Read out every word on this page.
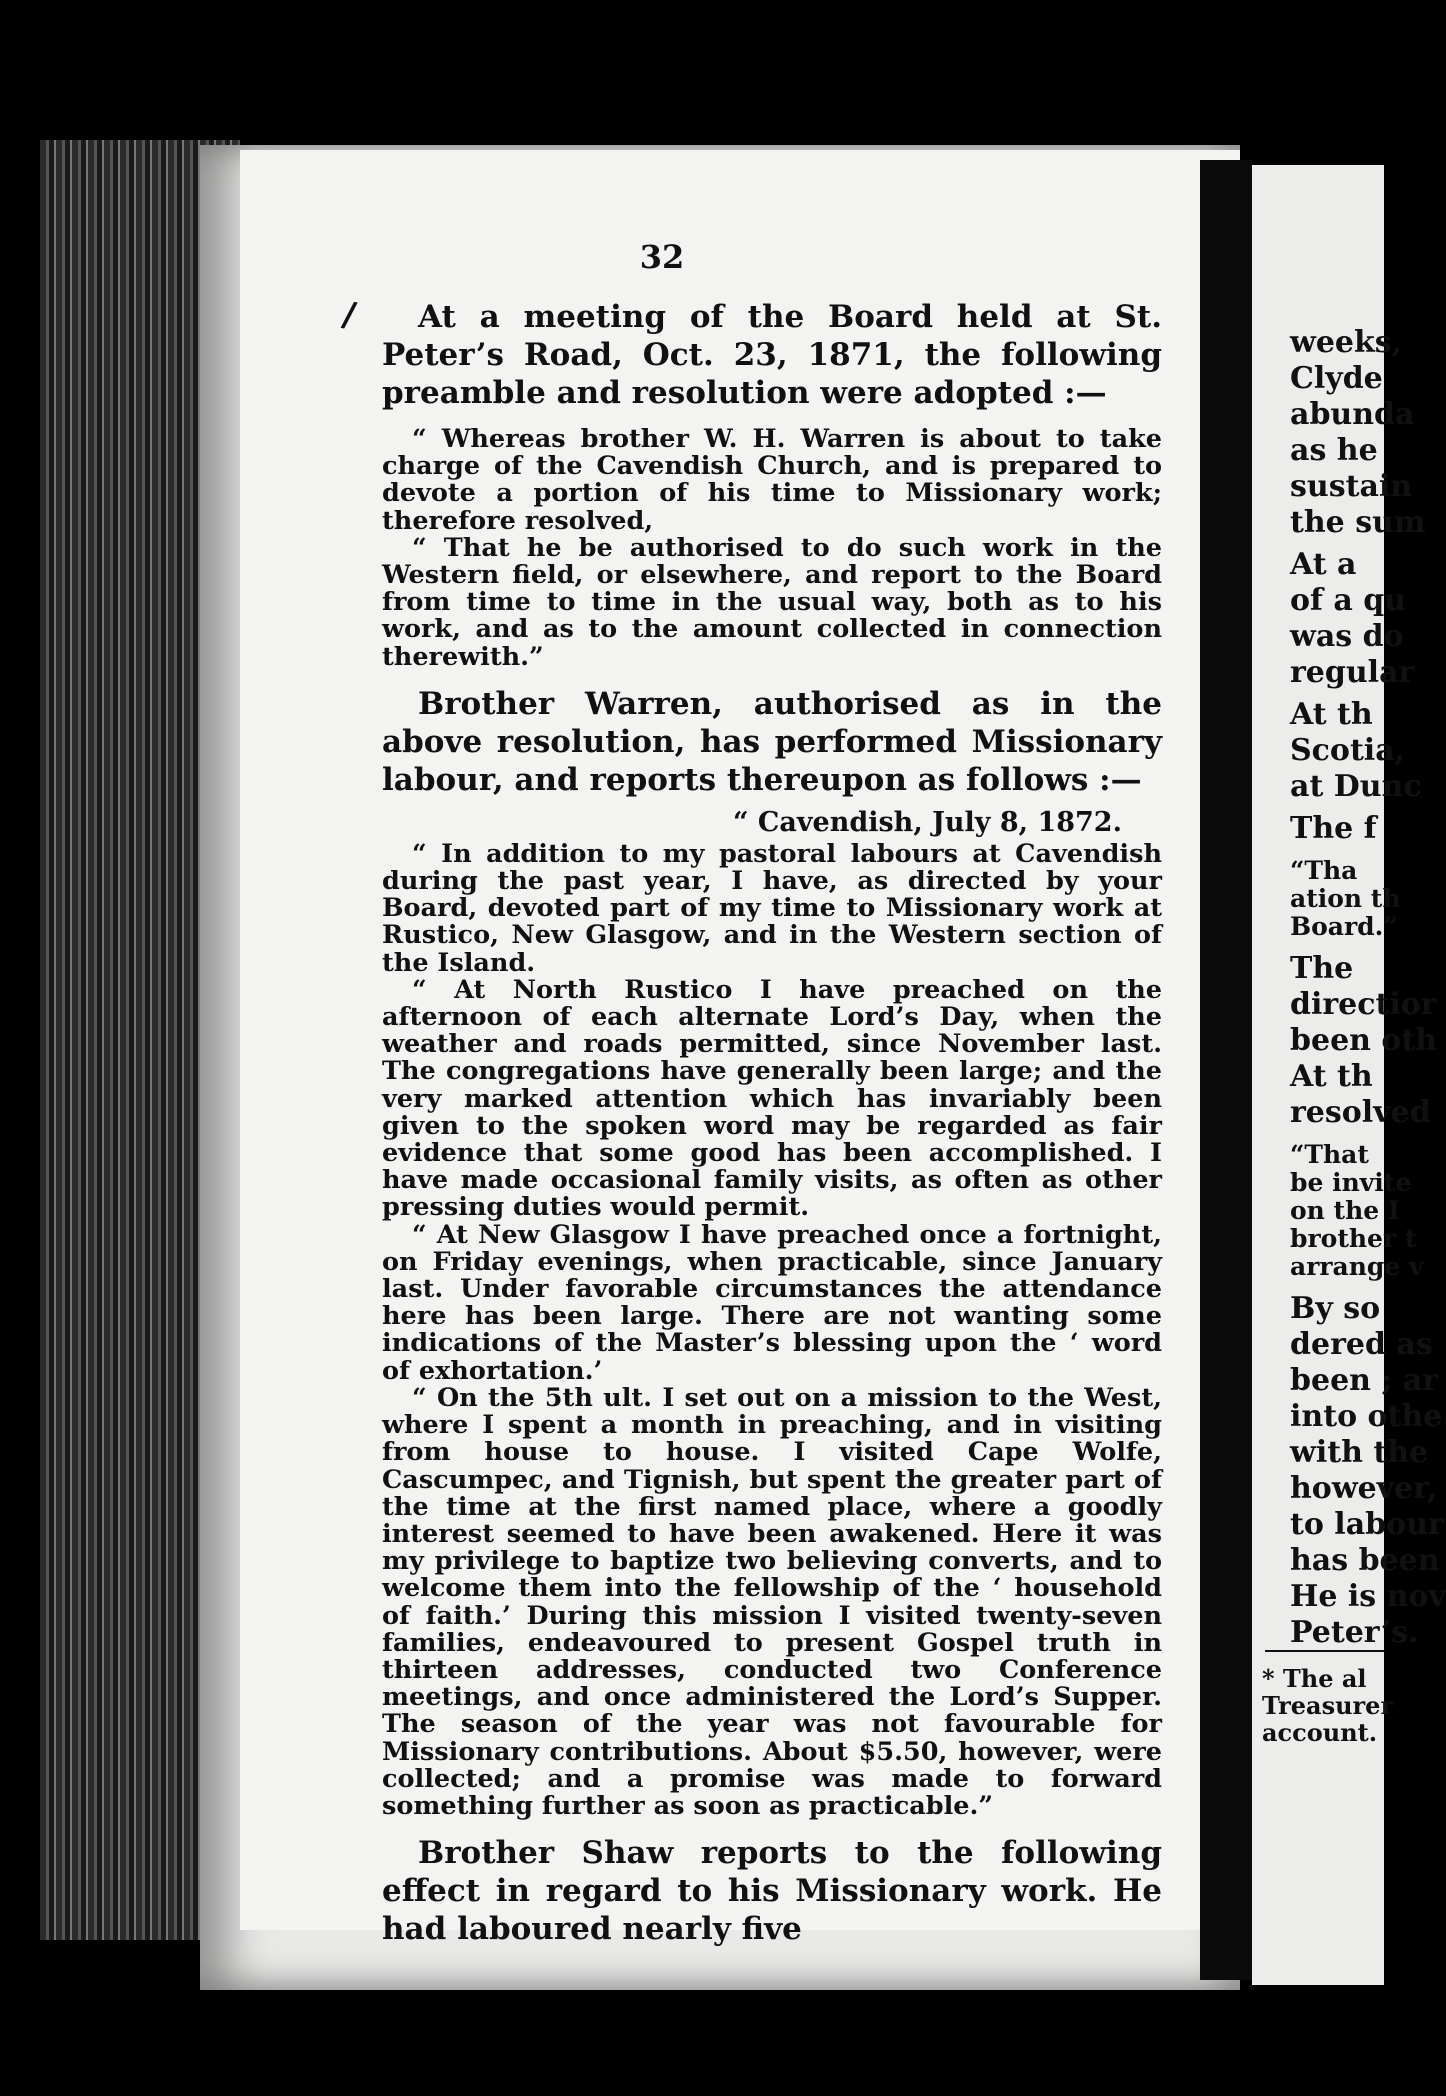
32
/	At a meeting of the Board held at St. Peter’s Road, Oct. 23, 1871, the following preamble and resolution were adopted :—

“ Whereas brother W. H. Warren is about to take charge of the Cavendish Church, and is prepared to devote a portion of his time to Missionary work; therefore resolved,

“ That he be authorised to do such work in the Western field, or elsewhere, and report to the Board from time to time in the usual way, both as to his work, and as to the amount collected in connection therewith.”

Brother Warren, authorised as in the above resolution, has performed Missionary labour, and reports thereupon as follows :—

“ Cavendish, July 8, 1872.

“ In addition to my pastoral labours at Cavendish during the past year, I have, as directed by your Board, devoted part of my time to Missionary work at Rustico, New Glasgow, and in the Western section of the Island.

“ At North Rustico I have preached on the afternoon of each alternate Lord’s Day, when the weather and roads permitted, since November last. The congregations have generally been large; and the very marked attention which has invariably been given to the spoken word may be regarded as fair evidence that some good has been accomplished. I have made occasional family visits, as often as other pressing duties would permit.

“ At New Glasgow I have preached once a fortnight, on Friday evenings, when practicable, since January last. Under favorable circumstances the attendance here has been large. There are not wanting some indications of the Master’s blessing upon the ‘ word of exhortation.’

“ On the 5th ult. I set out on a mission to the West, where I spent a month in preaching, and in visiting from house to house. I visited Cape Wolfe, Cascumpec, and Tignish, but spent the greater part of the time at the first named place, where a goodly interest seemed to have been awakened. Here it was my privilege to baptize two believing converts, and to welcome them into the fellowship of the ‘ household of faith.’ During this mission I visited twenty-seven families, endeavoured to present Gospel truth in thirteen addresses, conducted two Conference meetings, and once administered the Lord’s Supper. The season of the year was not favourable for Missionary contributions. About $5.50, however, were collected; and a promise was made to forward something further as soon as practicable.”

Brother Shaw reports to the following effect in regard to his Missionary work. He had laboured nearly five

weeks,

Clyde

abunda

as he

sustain

the sum

At a

of a qu

was do

regular

At th

Scotia,

at Dunc

The f

“Tha

ation th

Board.”

The

directior

been oth

At th

resolved

“That

be invite

on the I

brother t

arrange v

By so

dered as

been ; ar

into othe

with the

however,

to labour

has been

He is nov

Peter’s.

* The al
Treasurer
account.
